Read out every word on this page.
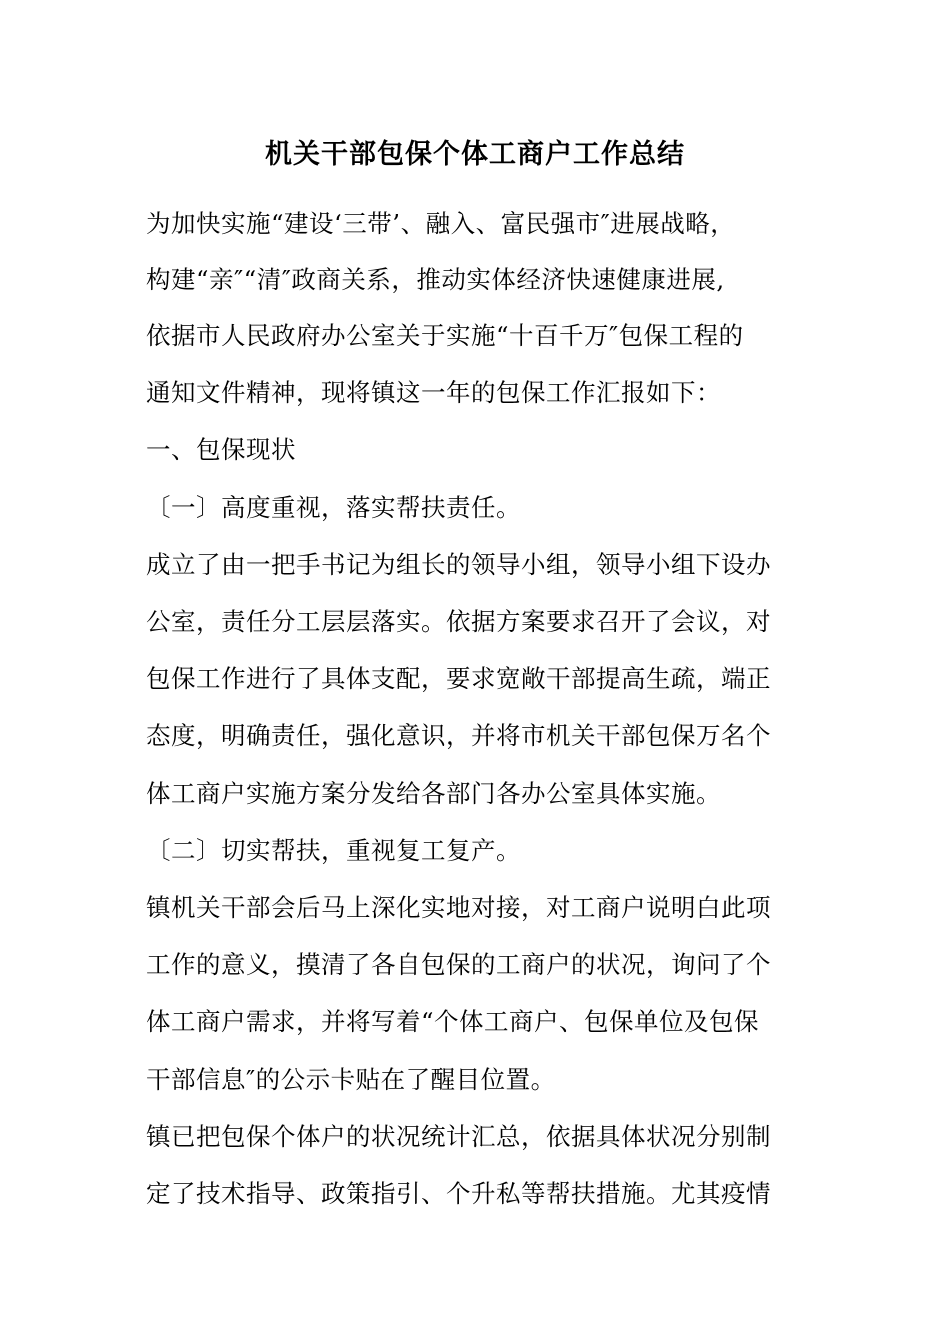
机关干部包保个体工商户工作总结
为加快实施“建设‘三带’、融入、富民强市″进展战略，
构建“亲″“清″政商关系，推动实体经济快速健康进展,
依据市人民政府办公室关于实施“十百千万″包保工程的
通知文件精神，现将镇这一年的包保工作汇报如下：
一、包保现状
〔一〕高度重视，落实帮扶责任。
成立了由一把手书记为组长的领导小组，领导小组下设办
公室，责任分工层层落实。依据方案要求召开了会议，对
包保工作进行了具体支配，要求宽敞干部提高生疏，端正
态度，明确责任，强化意识，并将市机关干部包保万名个
体工商户实施方案分发给各部门各办公室具体实施。
〔二〕切实帮扶，重视复工复产。
镇机关干部会后马上深化实地对接，对工商户说明白此项
工作的意义，摸清了各自包保的工商户的状况，询问了个
体工商户需求，并将写着“个体工商户、包保单位及包保
干部信息″的公示卡贴在了醒目位置。
镇已把包保个体户的状况统计汇总，依据具体状况分别制
定了技术指导、政策指引、个升私等帮扶措施。尤其疫情
